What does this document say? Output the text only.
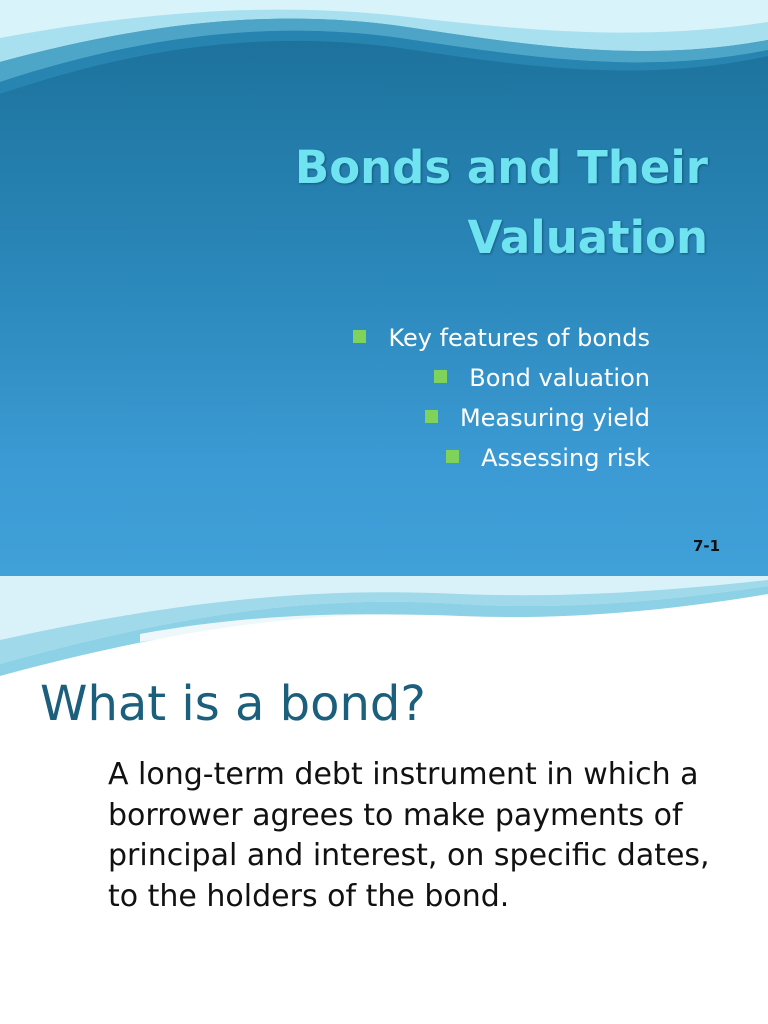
Bonds and Their
Valuation
Key features of bonds
Bond valuation
Measuring yield
Assessing risk
7-1
What is a bond?

A long-term debt instrument in which a borrower agrees to make payments of principal and interest, on specific dates, to the holders of the bond.
